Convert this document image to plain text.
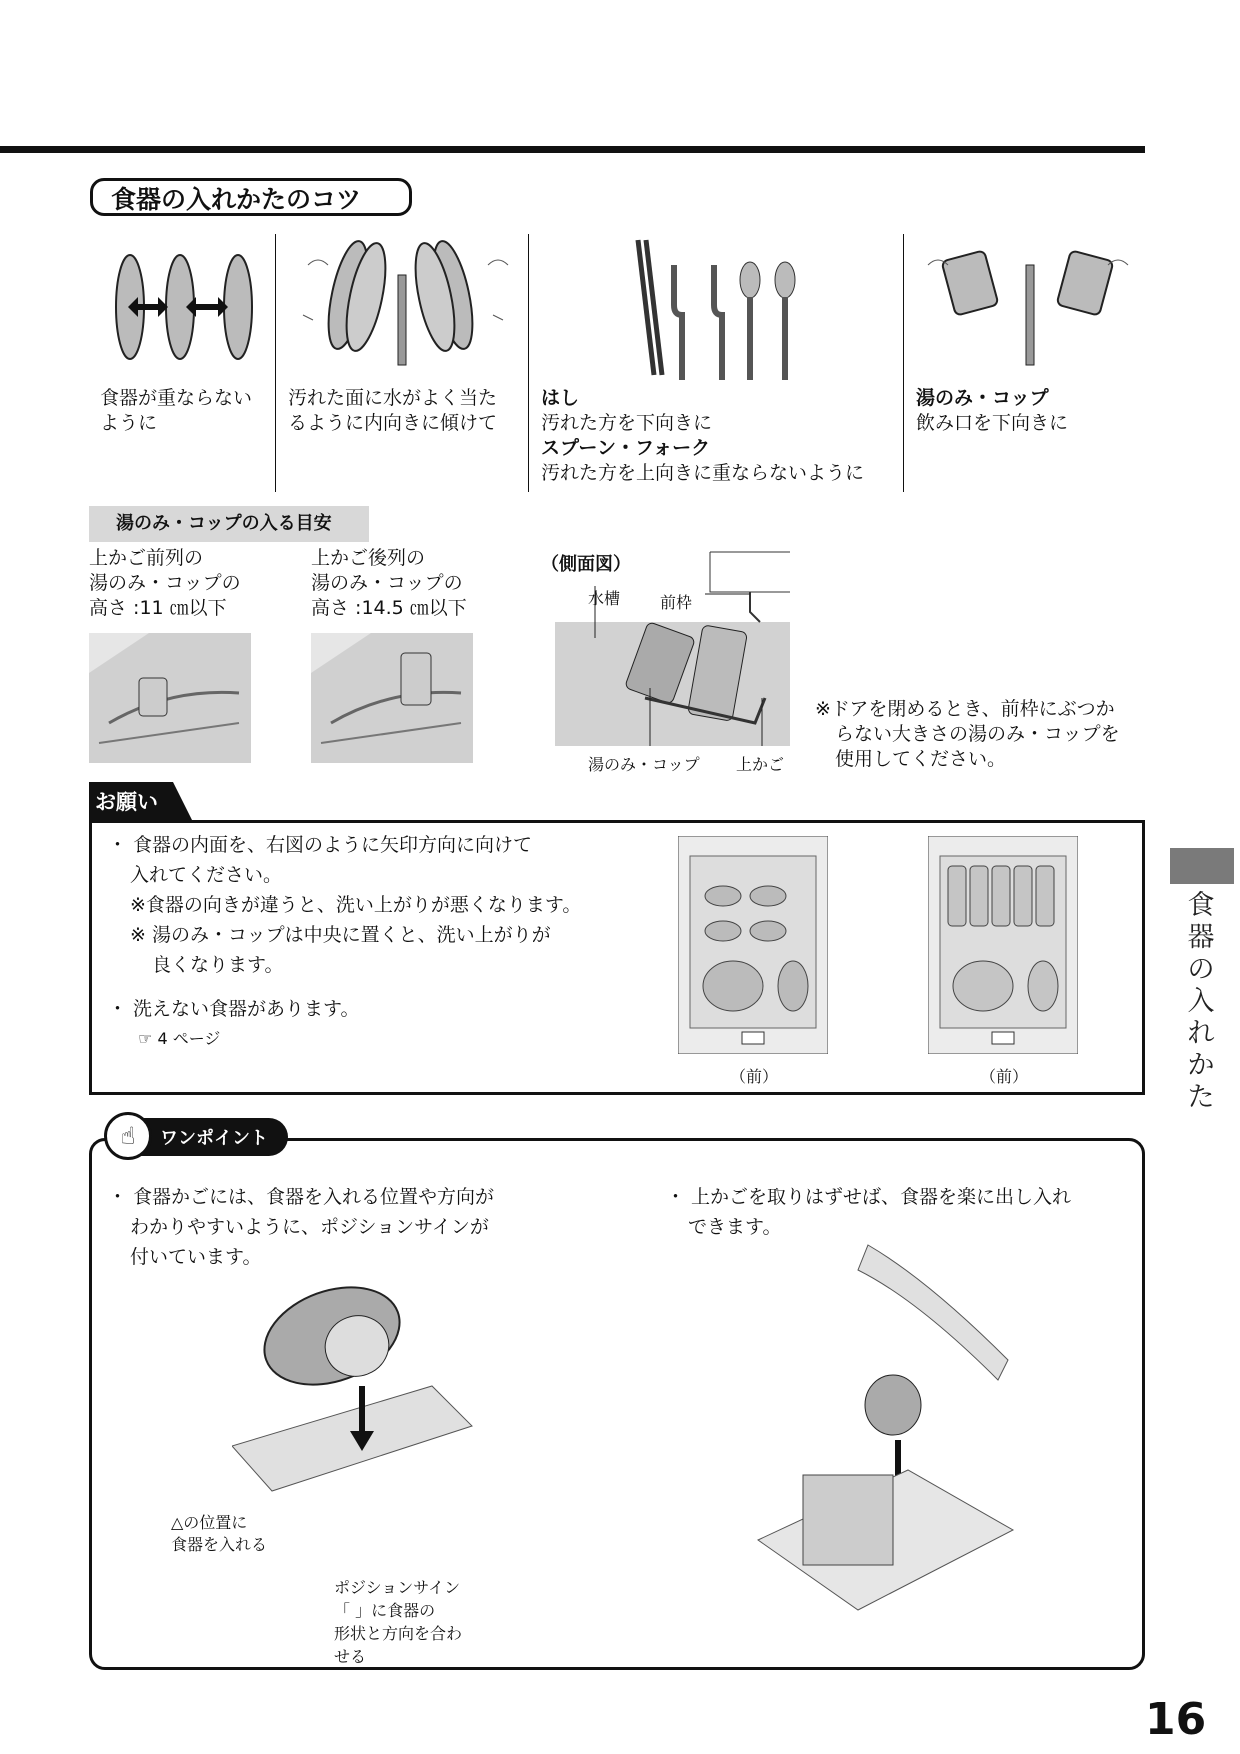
食器の入れかたのコツ
食器が重ならない
ように
汚れた面に水がよく当た
るように内向きに傾けて
はし
汚れた方を下向きに
スプーン・フォーク
汚れた方を上向きに重ならないように
湯のみ・コップ
飲み口を下向きに
湯のみ・コップの入る目安
上かご前列の
湯のみ・コップの
高さ :11 ㎝以下
上かご後列の
湯のみ・コップの
高さ :14.5 ㎝以下
（側面図）
水槽 前枠
湯のみ・コップ 上かご
※ドアを閉めるとき、前枠にぶつか
らない大きさの湯のみ・コップを
使用してください。
お願い
・ 食器の内面を、右図のように矢印方向に向けて
入れてください。
※食器の向きが違うと、洗い上がりが悪くなります。
※ 湯のみ・コップは中央に置くと、洗い上がりが
良くなります。
・ 洗えない食器があります。
☞ 4 ページ
（前）	（前）
食
器
の
入
れ
か
た
☝	ワンポイント
・ 食器かごには、食器を入れる位置や方向が
わかりやすいように、ポジションサインが
付いています。
・ 上かごを取りはずせば、食器を楽に出し入れ
できます。
△の位置に
食器を入れる
ポジションサイン
「 」に食器の
形状と方向を合わ
せる
16
